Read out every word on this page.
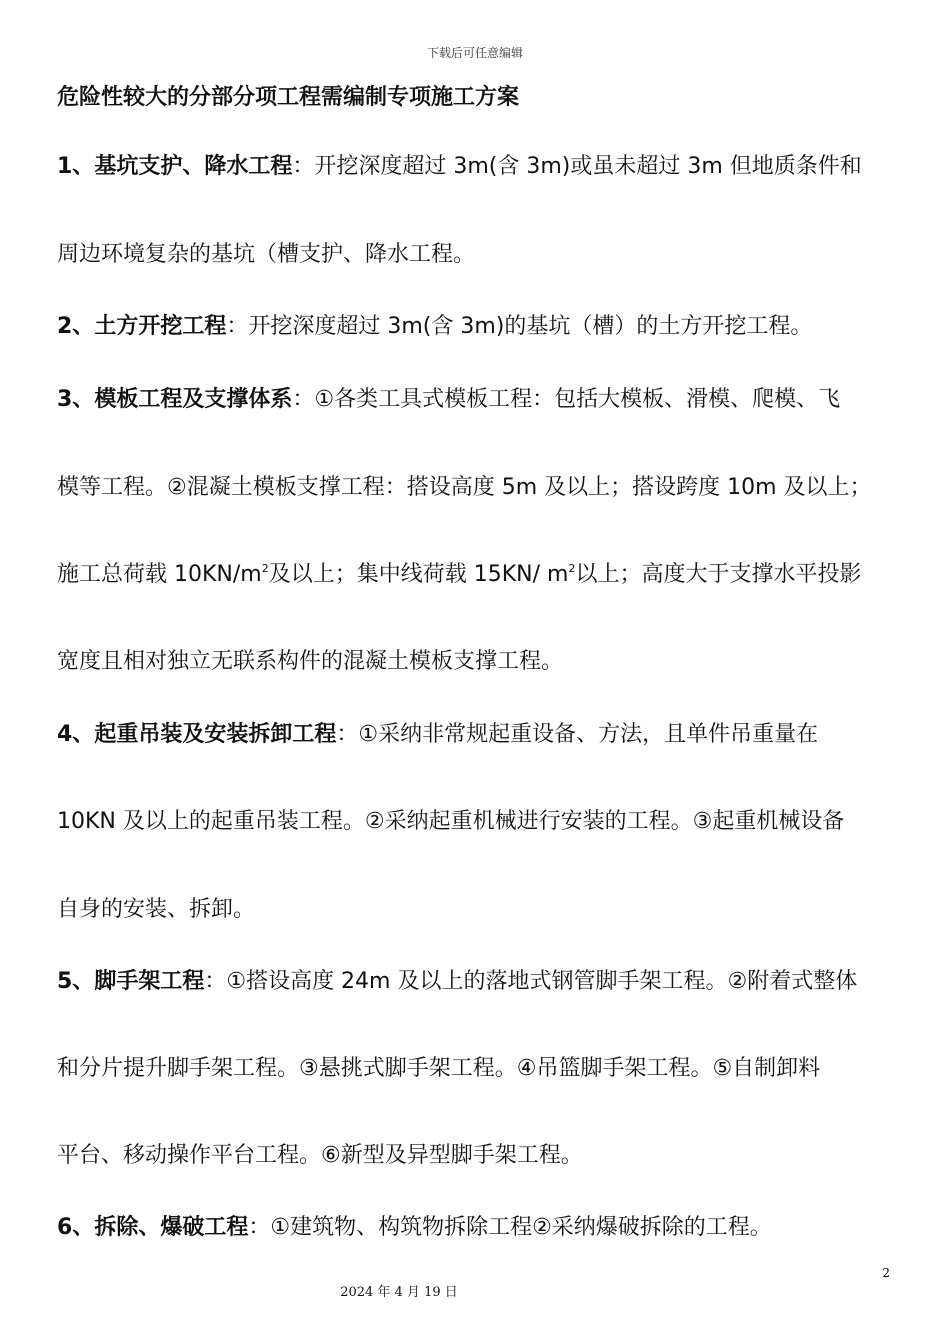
下载后可任意编辑
危险性较大的分部分项工程需编制专项施工方案
1、基坑支护、降水工程：开挖深度超过 3m(含 3m)或虽未超过 3m 但地质条件和
周边环境复杂的基坑（槽支护、降水工程。
2、土方开挖工程：开挖深度超过 3m(含 3m)的基坑（槽）的土方开挖工程。
3、模板工程及支撑体系：①各类工具式模板工程：包括大模板、滑模、爬模、飞
模等工程。②混凝土模板支撑工程：搭设高度 5m 及以上；搭设跨度 10m 及以上；
施工总荷载 $10KN/m^2$及以上；集中线荷载 15KN/ $m^2$以上；高度大于支撑水平投影
宽度且相对独立无联系构件的混凝土模板支撑工程。
4、起重吊装及安装拆卸工程：①采纳非常规起重设备、方法，且单件吊重量在
10KN 及以上的起重吊装工程。②采纳起重机械进行安装的工程。③起重机械设备
自身的安装、拆卸。
5、脚手架工程：①搭设高度 24m 及以上的落地式钢管脚手架工程。②附着式整体
和分片提升脚手架工程。③悬挑式脚手架工程。④吊篮脚手架工程。⑤自制卸料
平台、移动操作平台工程。⑥新型及异型脚手架工程。
6、拆除、爆破工程：①建筑物、构筑物拆除工程②采纳爆破拆除的工程。
2
2024 年 4 月 19 日
